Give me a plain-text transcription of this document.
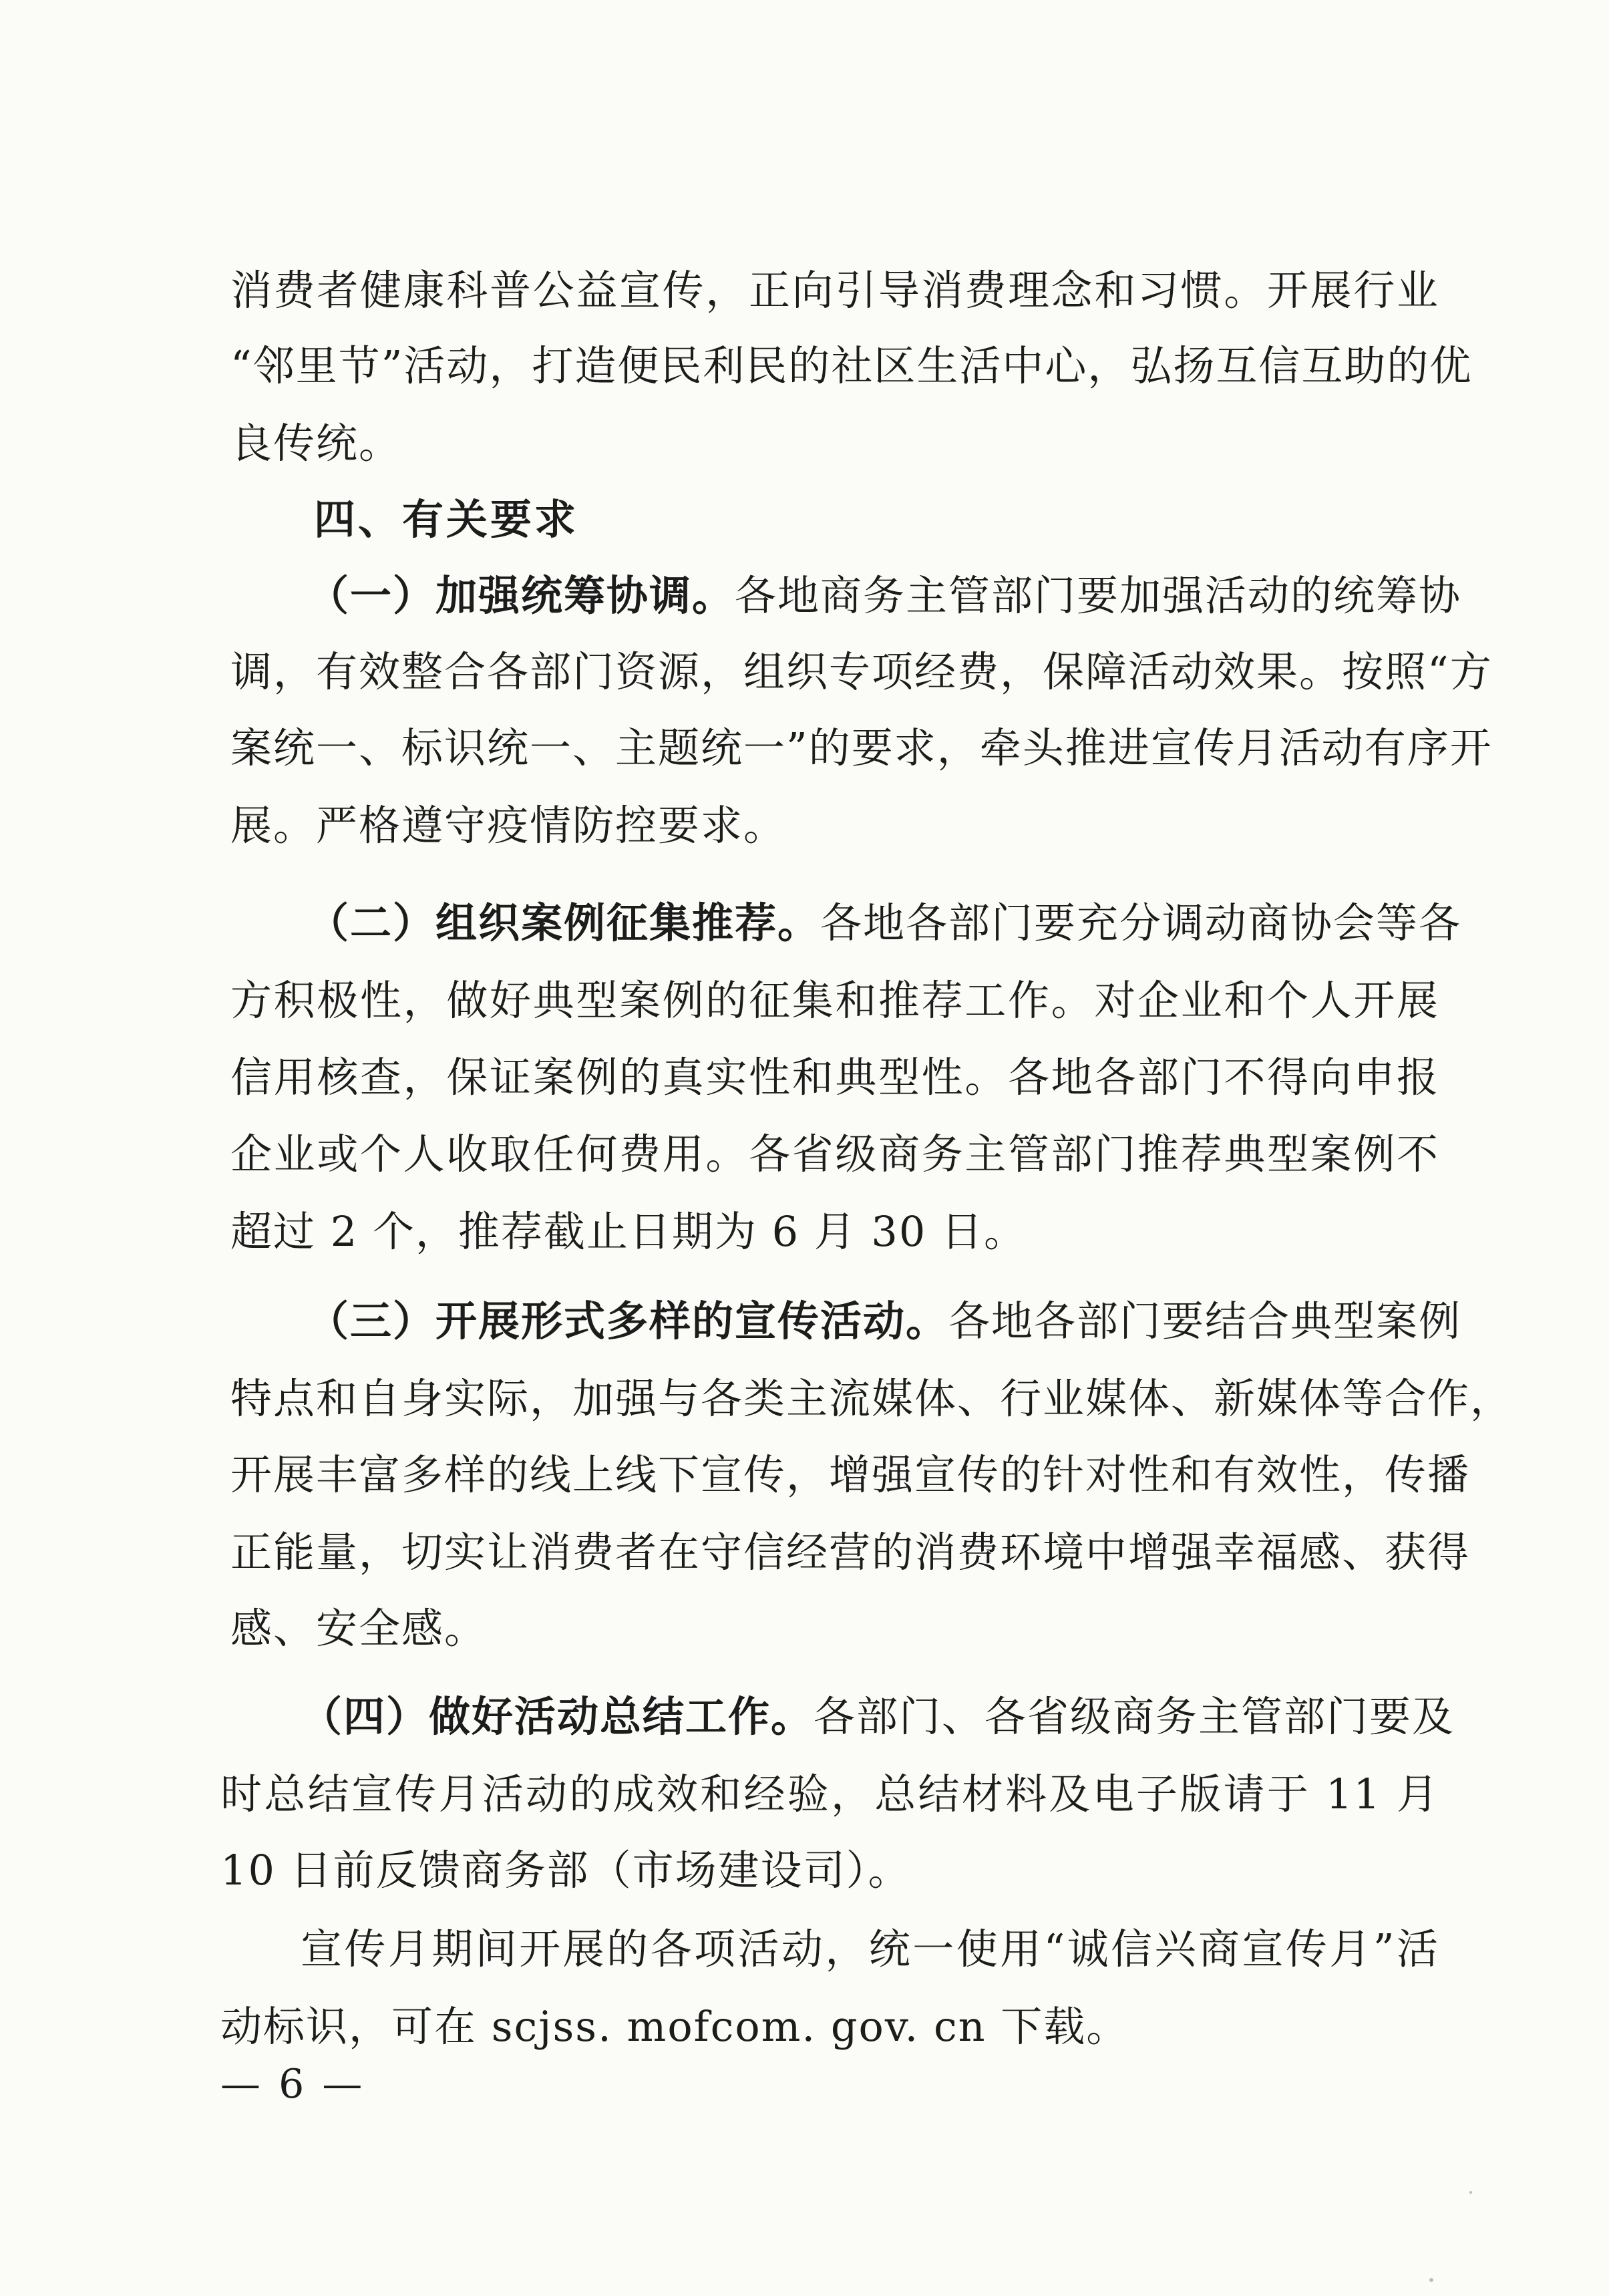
消费者健康科普公益宣传，正向引导消费理念和习惯。开展行业
“邻里节”活动，打造便民利民的社区生活中心，弘扬互信互助的优
良传统。
四、有关要求
（一）加强统筹协调。各地商务主管部门要加强活动的统筹协
调，有效整合各部门资源，组织专项经费，保障活动效果。按照“方
案统一、标识统一、主题统一”的要求，牵头推进宣传月活动有序开
展。严格遵守疫情防控要求。
（二）组织案例征集推荐。各地各部门要充分调动商协会等各
方积极性，做好典型案例的征集和推荐工作。对企业和个人开展
信用核查，保证案例的真实性和典型性。各地各部门不得向申报
企业或个人收取任何费用。各省级商务主管部门推荐典型案例不
超过 2 个，推荐截止日期为 6 月 30 日。
（三）开展形式多样的宣传活动。各地各部门要结合典型案例
特点和自身实际，加强与各类主流媒体、行业媒体、新媒体等合作，
开展丰富多样的线上线下宣传，增强宣传的针对性和有效性，传播
正能量，切实让消费者在守信经营的消费环境中增强幸福感、获得
感、安全感。
（四）做好活动总结工作。各部门、各省级商务主管部门要及
时总结宣传月活动的成效和经验，总结材料及电子版请于 11 月
10 日前反馈商务部（市场建设司）。
宣传月期间开展的各项活动，统一使用“诚信兴商宣传月”活
动标识，可在 scjss. mofcom. gov. cn 下载。
— 6 —
